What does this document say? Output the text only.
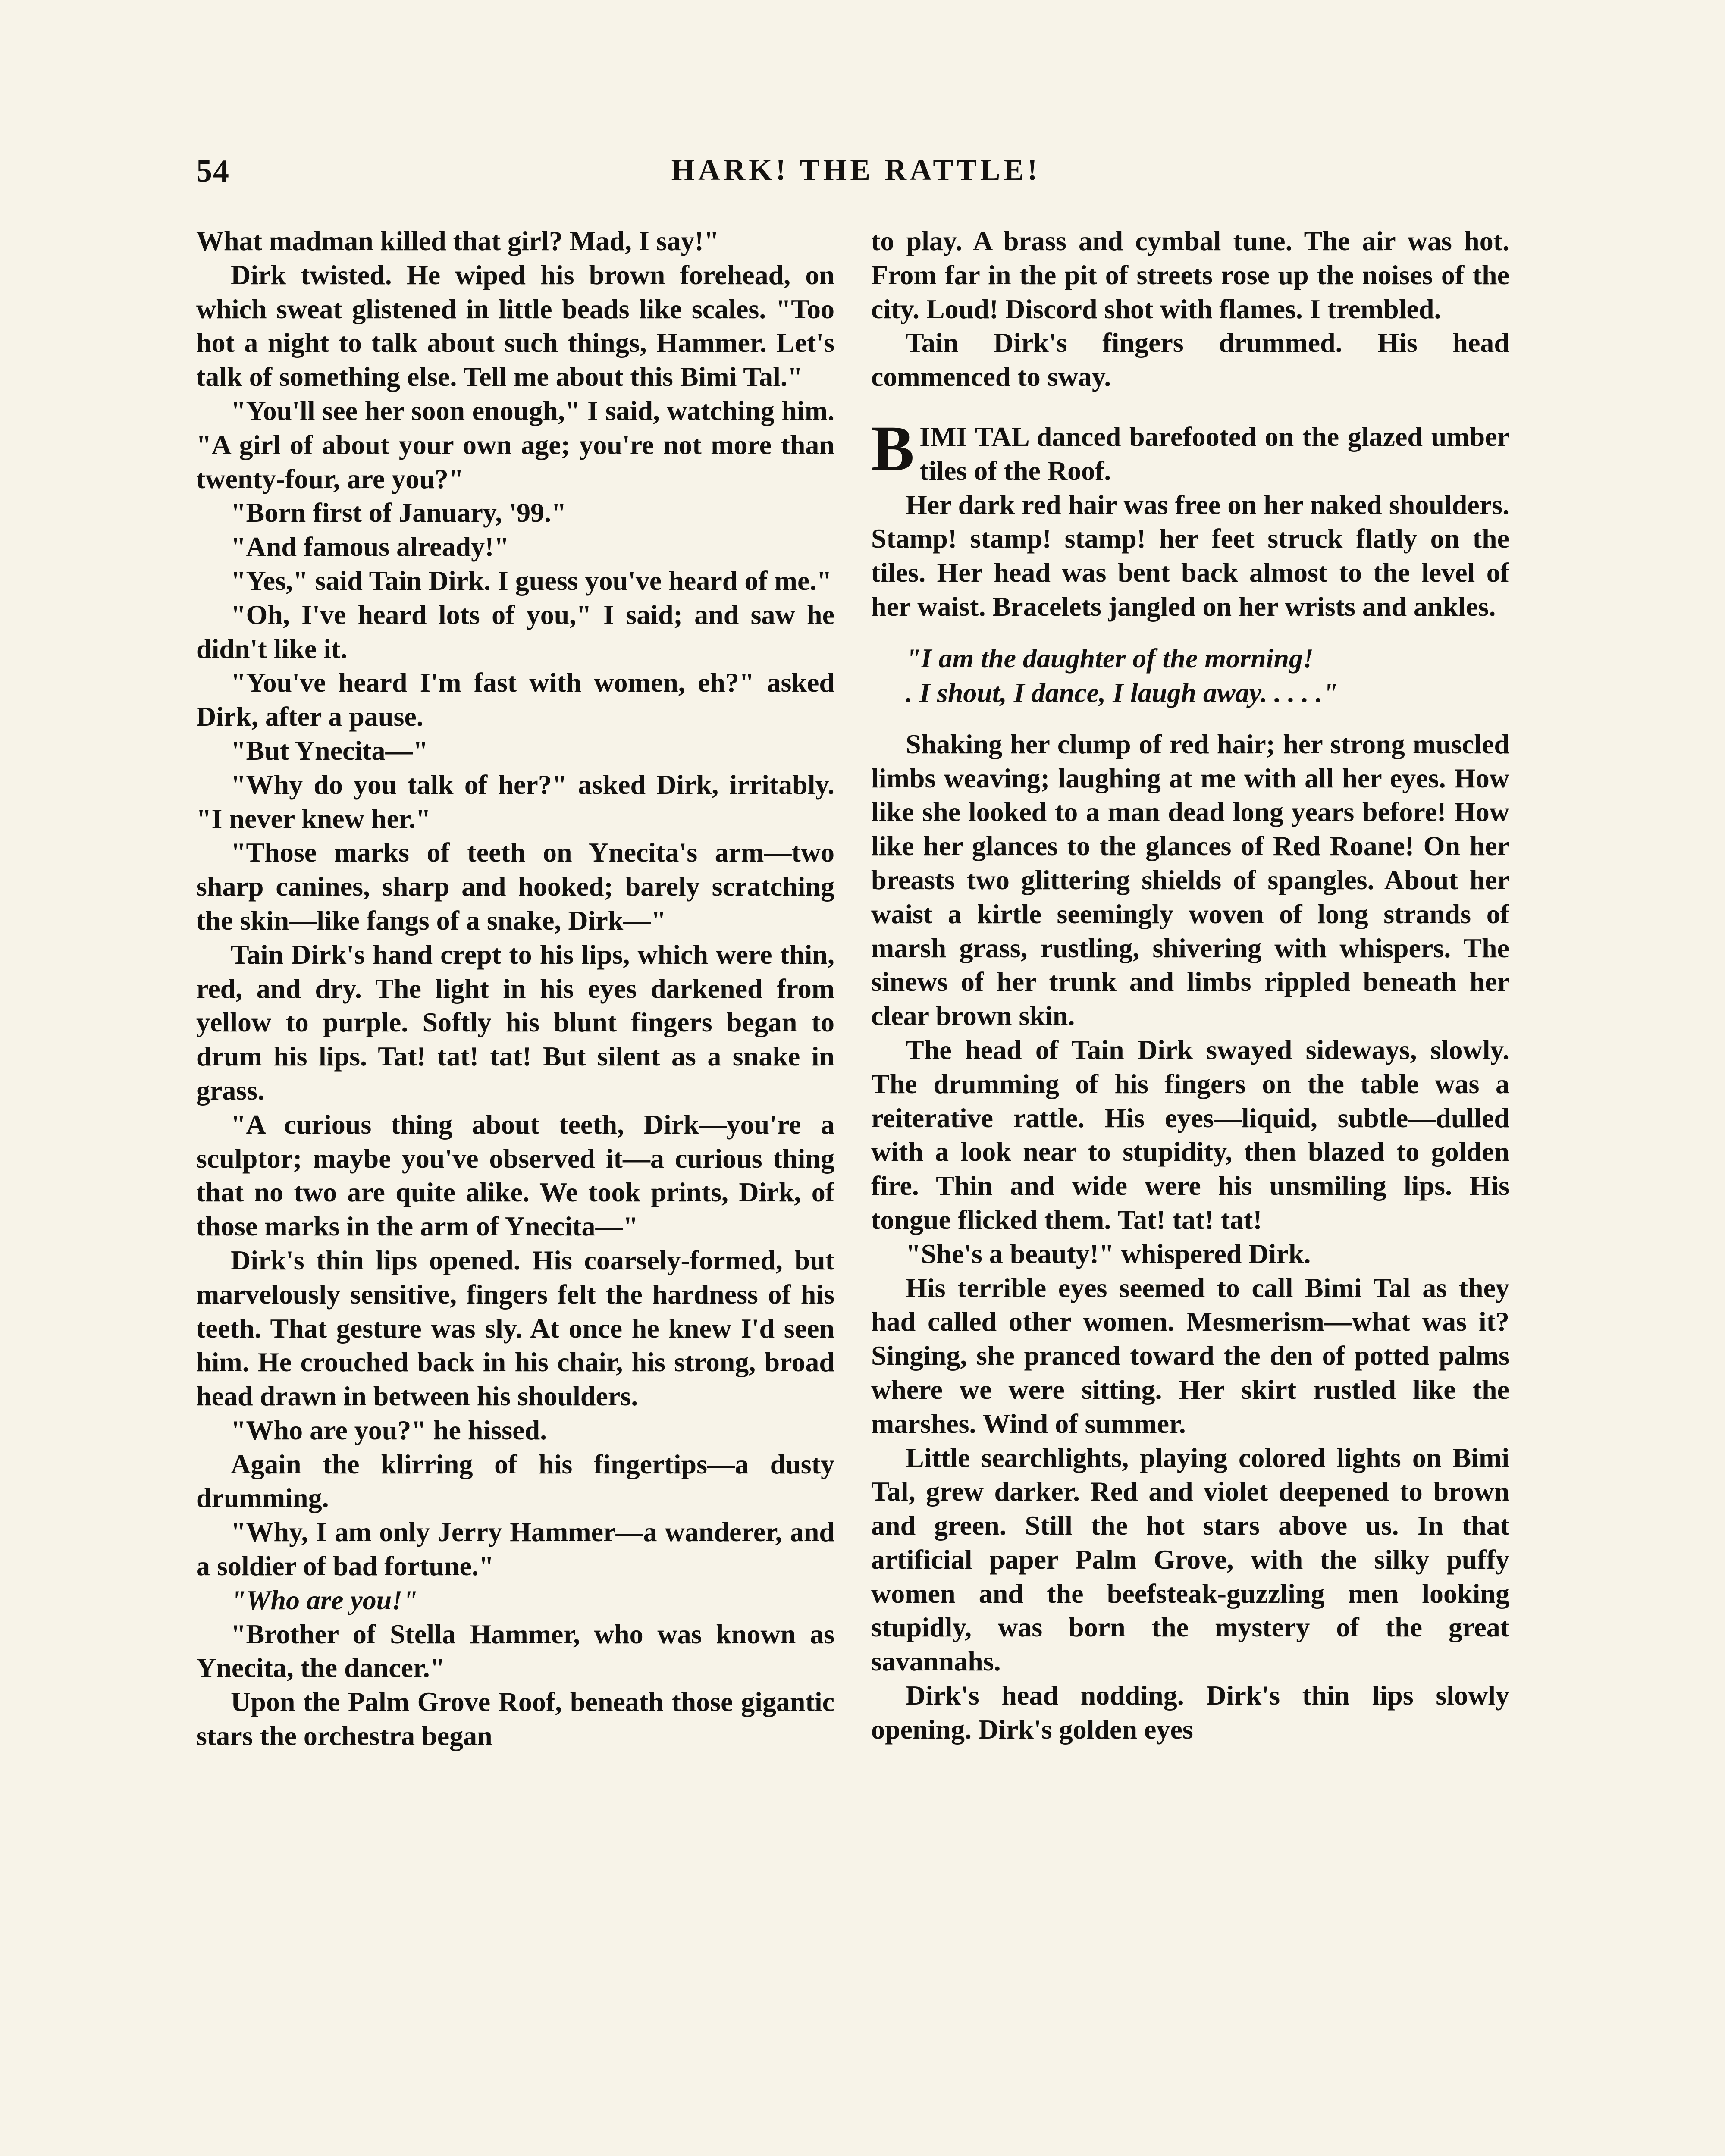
54	HARK! THE RATTLE!

What madman killed that girl? Mad, I say!"

Dirk twisted. He wiped his brown forehead, on which sweat glistened in little beads like scales. "Too hot a night to talk about such things, Hammer. Let's talk of something else. Tell me about this Bimi Tal."

"You'll see her soon enough," I said, watching him. "A girl of about your own age; you're not more than twenty-four, are you?"

"Born first of January, '99."

"And famous already!"

"Yes," said Tain Dirk. I guess you've heard of me."

"Oh, I've heard lots of you," I said; and saw he didn't like it.

"You've heard I'm fast with women, eh?" asked Dirk, after a pause.

"But Ynecita—"

"Why do you talk of her?" asked Dirk, irritably. "I never knew her."

"Those marks of teeth on Ynecita's arm—two sharp canines, sharp and hooked; barely scratching the skin—like fangs of a snake, Dirk—"

Tain Dirk's hand crept to his lips, which were thin, red, and dry. The light in his eyes darkened from yellow to purple. Softly his blunt fingers began to drum his lips. Tat! tat! tat! But silent as a snake in grass.

"A curious thing about teeth, Dirk—you're a sculptor; maybe you've observed it—a curious thing that no two are quite alike. We took prints, Dirk, of those marks in the arm of Ynecita—"

Dirk's thin lips opened. His coarsely-formed, but marvelously sensitive, fingers felt the hardness of his teeth. That gesture was sly. At once he knew I'd seen him. He crouched back in his chair, his strong, broad head drawn in between his shoulders.

"Who are you?" he hissed.

Again the klirring of his fingertips—a dusty drumming.

"Why, I am only Jerry Hammer—a wanderer, and a soldier of bad fortune."

"Who are you!"

"Brother of Stella Hammer, who was known as Ynecita, the dancer."

Upon the Palm Grove Roof, beneath those gigantic stars the orchestra began

to play. A brass and cymbal tune. The air was hot. From far in the pit of streets rose up the noises of the city. Loud! Discord shot with flames. I trembled.

Tain Dirk's fingers drummed. His head commenced to sway.

BIMI TAL danced barefooted on the glazed umber tiles of the Roof.

Her dark red hair was free on her naked shoulders. Stamp! stamp! stamp! her feet struck flatly on the tiles. Her head was bent back almost to the level of her waist. Bracelets jangled on her wrists and ankles.

"I am the daughter of the morning!
. I shout, I dance, I laugh away. . . . ."

Shaking her clump of red hair; her strong muscled limbs weaving; laughing at me with all her eyes. How like she looked to a man dead long years before! How like her glances to the glances of Red Roane! On her breasts two glittering shields of spangles. About her waist a kirtle seemingly woven of long strands of marsh grass, rustling, shivering with whispers. The sinews of her trunk and limbs rippled beneath her clear brown skin.

The head of Tain Dirk swayed sideways, slowly. The drumming of his fingers on the table was a reiterative rattle. His eyes—liquid, subtle—dulled with a look near to stupidity, then blazed to golden fire. Thin and wide were his unsmiling lips. His tongue flicked them. Tat! tat! tat!

"She's a beauty!" whispered Dirk.

His terrible eyes seemed to call Bimi Tal as they had called other women. Mesmerism—what was it? Singing, she pranced toward the den of potted palms where we were sitting. Her skirt rustled like the marshes. Wind of summer.

Little searchlights, playing colored lights on Bimi Tal, grew darker. Red and violet deepened to brown and green. Still the hot stars above us. In that artificial paper Palm Grove, with the silky puffy women and the beefsteak-guzzling men looking stupidly, was born the mystery of the great savannahs.

Dirk's head nodding. Dirk's thin lips slowly opening. Dirk's golden eyes
